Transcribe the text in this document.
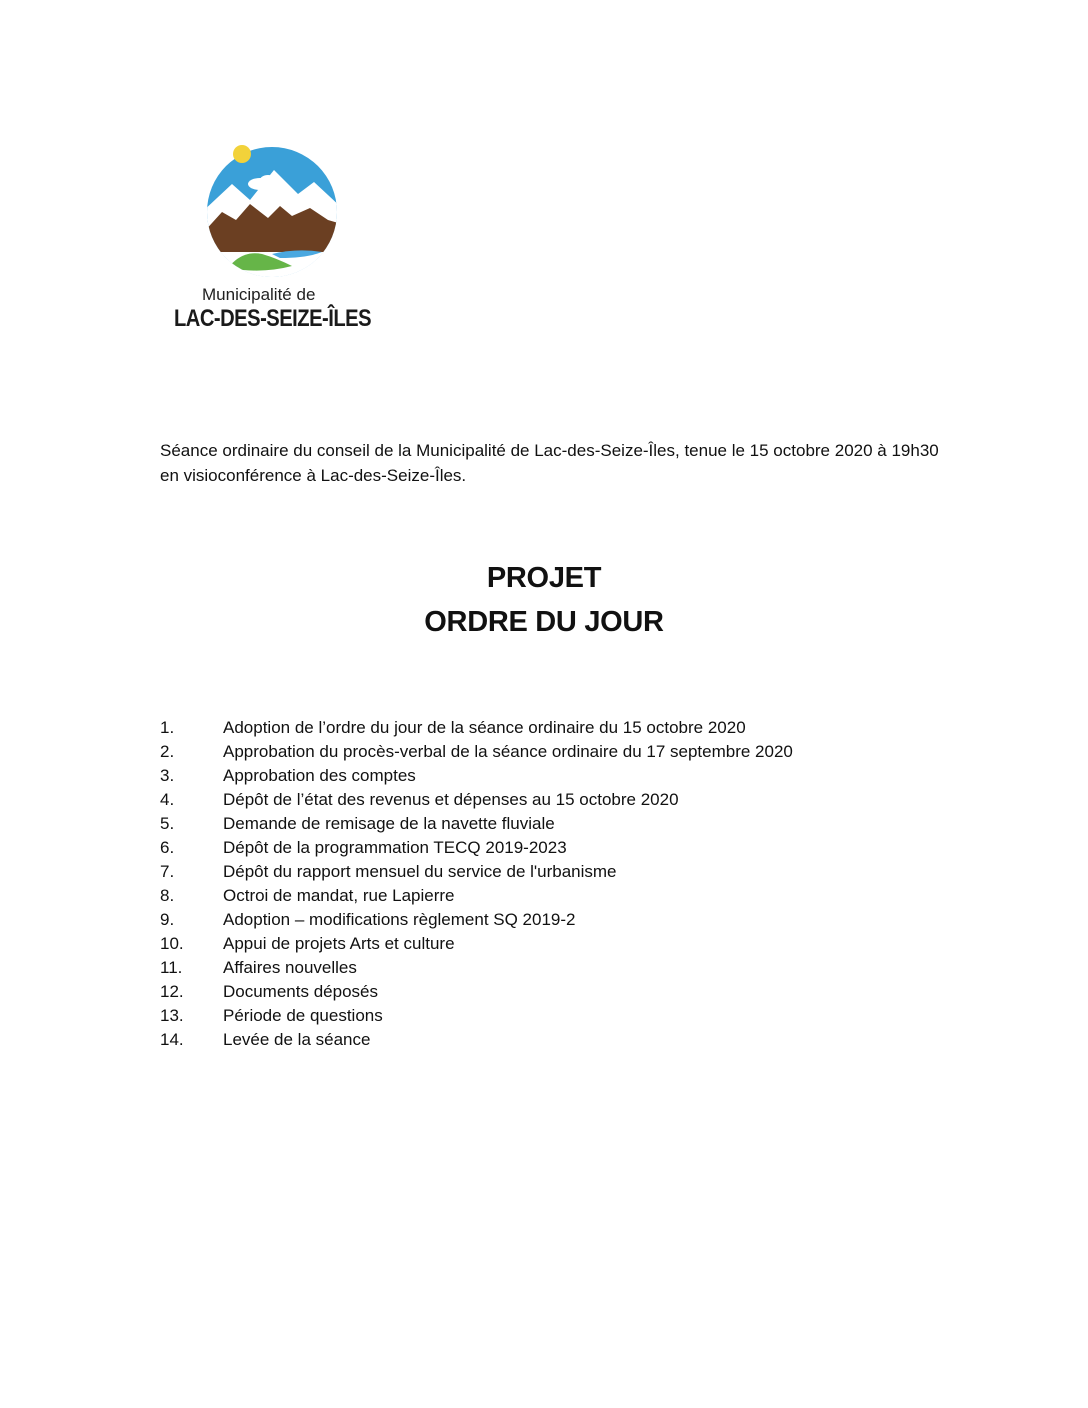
Municipalité de
LAC-DES-SEIZE-ÎLES
Séance ordinaire du conseil de la Municipalité de Lac-des-Seize-Îles, tenue le 15 octobre 2020 à 19h30 en visioconférence à Lac-des-Seize-Îles.
PROJET
ORDRE DU JOUR
1.	Adoption de l’ordre du jour de la séance ordinaire du 15 octobre 2020
2.	Approbation du procès-verbal de la séance ordinaire du 17 septembre 2020
3.	Approbation des comptes
4.	Dépôt de l’état des revenus et dépenses au 15 octobre 2020
5.	Demande de remisage de la navette fluviale
6.	Dépôt de la programmation TECQ 2019-2023
7.	Dépôt du rapport mensuel du service de l'urbanisme
8.	Octroi de mandat, rue Lapierre
9.	Adoption – modifications règlement SQ 2019-2
10.	Appui de projets Arts et culture
11.	Affaires nouvelles
12.	Documents déposés
13.	Période de questions
14.	Levée de la séance
